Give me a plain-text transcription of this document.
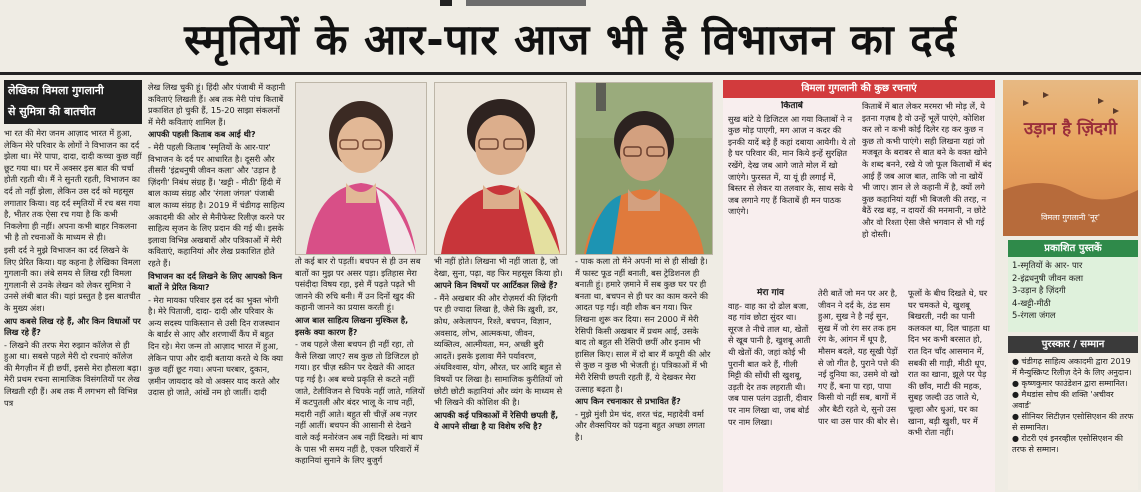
स्मृतियों के आर-पार आज भी है विभाजन का दर्द
लेखिका विमला गुगलानी
से सुमित्रा की बातचीत

भा रत की मेरा जनम आज़ाद भारत में हुआ, लेकिन मेरे परिवार के लोगों ने विभाजन का दर्द झेला था। मेरे पापा, दादा, दादी कच्चा कुछ वहीं छूट गया था। घर में अक्सर इस बात की चर्चा होती रहती थी। मैं ने सुनती रहती, विभाजन का दर्द तो नहीं झेला, लेकिन उस दर्द को महसूस लगातार किया। वह दर्द स्मृतियों में रच बस गया है, भीतर तक ऐसा रच गया है कि कभी निकलेगा ही नहीं। अपना कभी बाहर निकलना भी है तो रचनाओं के माध्यम से ही।

इसी दर्द ने मुझे विभाजन का दर्द लिखने के लिए प्रेरित किया। यह कहना है लेखिका विमला गुगलानी का। लंबे समय से लिख रही विमला गुगलानी से उनके लेखन को लेकर सुमित्रा ने उनसे लंबी बात की। यहां प्रस्तुत है इस बातचीत के मुख्य अंश।

आप कबसे लिख रहे हैं, और किन विधाओं पर लिख रहे हैं?

- लिखने की तरफ मेरा रुझान कॉलेज से ही हुआ था। सबसे पहले मेरी दो रचनाएं कॉलेज की मैगज़ीन में ही छपीं, इससे मेरा हौसला बढ़ा। मेरी प्रथम रचना सामाजिक विसंगतियों पर लेख लिखती रही हैं। अब तक मैं लगभग सौ विभिन्न पत्र

लेख लिख चुकी हूं। हिंदी और पंजाबी में कहानी कविताएं लिखती हैं। अब तक मेरी पांच किताबें प्रकाशित हो चुकी हैं, 15-20 साझा संकलनों में मेरी कविताएं शामिल हैं।

आपकी पहली किताब कब आई थी?

- मेरी पहली किताब 'स्मृतियों के आर-पार' विभाजन के दर्द पर आधारित है। दूसरी और तीसरी 'इंद्रधनुषी जीवन कला' और 'उड़ान है ज़िंदगी' निबंध संग्रह हैं। 'खट्टी - मीठी' हिंदी में बाल काव्य संग्रह और 'रंगला जंगल' पंजाबी बाल काव्य संग्रह है। 2019 में चंडीगढ़ साहित्य अकादमी की ओर से मैनीफेस्ट रिलीज़ करने पर साहित्य सृजन के लिए प्रदान की गई थी। इसके इलावा विभिन्न अखबारों और पत्रिकाओं में मेरी कविताएं, कहानियां और लेख प्रकाशित होते रहते हैं।

विभाजन का दर्द लिखने के लिए आपको किन बातों ने प्रेरित किया?

- मेरा मायका परिवार इस दर्द का भुक्त भोगी है। मेरे पिताजी, दादा- दादी और परिवार के अन्य सदस्य पाकिस्तान से उसी दिन राजस्थान के बार्डर से आए और शरणार्थी कैंप में बहुत दिन रहे। मेरा जन्म तो आज़ाद भारत में हुआ, लेकिन पापा और दादी बताया करते थे कि क्या कुछ वहीं छूट गया। अपना घरबार, दुकान, ज़मीन जायदाद को वो अक्सर याद करते और उदास हो जाते, आंखें नम हो जातीं। दादी

तो कई बार रो पड़तीं। बचपन से ही उन सब बातों का मुझ पर असर पड़ा। इतिहास मेरा पसंदीदा विषय रहा, इसे मैं पढ़ते पढ़ते भी जानने की रुचि बनी। मैं उन दिनों खुद की कहानी जानने का प्रयास करती हूं।

आज बाल साहित्य लिखना मुश्किल है, इसके क्या कारण हैं?

- जब पहले जैसा बचपन ही नहीं रहा, तो कैसे लिखा जाए? सब कुछ तो डिजिटल हो गया। हर चीज़ स्क्रीन पर देखते की आदत पड़ गई है। अब बच्चे प्रकृति से कटते नहीं जाते, टेलीविजन से चिपके नहीं जाते, गलियों में कटपुतली और बंदर भालू के नाच नहीं, मदारी नहीं आते। बहुत सी चीज़ें अब नज़र नहीं आतीं। बचपन की आसानी से देखने वाले कई मनोरंजन अब नहीं दिखते। मां बाप के पास भी समय नहीं है, एकल परिवारों में कहानियां सुनाने के लिए बुजुर्ग

भी नहीं होते। लिखना भी नहीं जाता है, जो देखा, सुना, पढ़ा, वह फिर महसूस किया हो।

आपने किन विषयों पर आर्टिकल लिखे हैं?

- मैंने अखबार की और रोज़मर्रा की ज़िंदगी पर ही ज्यादा लिखा है, जैसे कि ख़ुशी, डर, क्रोध, अकेलापन, रिश्ते, बचपन, विज्ञान, अवसाद, लोभ, आत्मकथा, जीवन, व्यक्तित्व, आत्मीयता, मन, अच्छी बुरी आदतें। इसके इलावा मैंने पर्यावरण, अंधविश्वास, योग, औरत, घर आदि बहुत से विषयों पर लिखा है। सामाजिक कुरीतियों जो छोटी छोटी कहानियां और व्यंग के माध्यम से भी लिखने की कोशिश की है।

आपकी कई पत्रिकाओं में रेसिपी छपती हैं, ये आपने सीखा है या विशेष रुचि है?

- पाक कला तो मैंने अपनी मां से ही सीखी है। मैं फास्ट फूड नहीं बनाती, बस ट्रेडिशनल ही बनाती हूं। हमारे ज़माने में सब कुछ घर पर ही बनता था, बचपन से ही घर का काम करने की आदत पड़ गई। वही शौक बन गया। फिर लिखना शुरू कर दिया। सन 2000 में मेरी रेसिपी किसी अखबार में प्रथम आई, उसके बाद तो बहुत सी रेसिपी छपीं और इनाम भी हासिल किए। साल में दो बार मैं कपूरी की ओर से कुछ न कुछ भी भेजती हूं। पत्रिकाओं में भी मेरी रेसिपी छपती रहती हैं, ये देखकर मेरा उत्साह बढ़ता है।

आप किन रचनाकार से प्रभावित हैं?

- मुझे मुंशी प्रेम चंद, शरत चंद्र, महादेवी वर्मा और शैक्सपियर को पढ़ना बहुत अच्छा लगता है।

विमला गुगलानी की कुछ रचनाएं

किताबें

सुख बांटे ये डिजिटल आ गया किताबों ने न कुछ मोड़ पाएगी, मग आज न कदर की इनकी यादें बड़े हैं कहां दबाया आयेगी। ये तो है घर परिवार की, मान किये इन्हें सुरक्षित रखेंगे, देख जब आगे जाते मोल में खो जाएंगे। फुरसत में, या यूं ही लगाई में, बिस्तर से लेकर या तलवार के, साथ सके ये जब लगाने गए हैं किताबें ही मन पाठक जाएंगे।

किताबें में बात लेकर मरमरा भी मोड़ लें, ये इतना गज़ब है वो उन्हें भूलें पाएंगे, कोशिश कर लो न कभी कोई दिलेर रह कर कुछ न कुछ तो कभी पाएंगे। सही लिखना यहां जो मजबूत के बराबर से बात बने के वक्त खोने के शब्द बनने, रखे ये जो फूल किताबों में बंद आई हैं जब आज बात, ताकि जो ना खोयें भी जाए। ज्ञान ले ले कहानी में है, क्यों लगे कुछ कहानियां यहीं भी बिजली की तरह, न बैठें रख बड़, न दायरों की मनमानी, न छोटे और वो रिश्ता ऐसा जैसे भगवान से भी गई हो दोस्ती।

मेरा गांव

वाह- वाह का दो ढोल बजा, वह गांव छोटा सुंदर था। सूरज ते नीचे ताल था, खेतों से खूब पानी है, खुशबू आती थी खेतों की, जहां कोई भी पुरानी बात करे हैं, गीली मिट्टी की सोंधी सी खुशबू, उड़ती देर तक लहराती थी। जब पास पतंग उड़ाती, दीवार पर नाम लिखा था, जब बोर्ड पर नाम लिखा।

तेरी बातें जो मन पर अर है, जीवन ने दर्द के, ठंड सम हुआ, सुख ने है नई सुन, सुख में जो रंग सर तक हम रंग के, आंगन में धूप है, मौसम बदले, यह सूखी पेड़ों से जो गीत है, पुराने पत्ते की नई दुनिया का, उसमे वो खो गए हैं, बना पा रहा, पापा किसी वो नहीं सब, बागों में और बैटी रहते थे, सुनो उस पार था उस पार की बोर से।

फूलों के बीच दिखते थे, घर घर चमकते थे, खुशबू बिखरती, नदी का पानी कलकल था, दिल चाहता था दिन भर कभी बरसात हो, रात दिन चाँद आसमान में, सबकी सी गाड़ी, मीठी धूप, रात का खाना, झूले पर पेड़ की छाँव, माटी की महक, सुबह जल्दी उठ जाते थे, चूल्हा और धुआं, घर का खाना, बड़ी खुशी, घर में कभी रोता नहीं।

उड़ान है ज़िंदगी
विमला गुगलानी 'नूर'
प्रकाशित पुस्तकें
1-स्मृतियों के आर- पार
2-इंद्रधनुषी जीवन कला
3-उड़ान है ज़िंदगी
4-खट्टी-मीठी
5-रंगला जंगल
पुरस्कार / सम्मान
● चंडीगढ़ साहित्य अकादमी द्वारा 2019 में मैन्युस्क्रिप्ट रिलीज़ देने के लिए अनुदान।
● कृष्णकुमार फाउंडेशन द्वारा सम्मानित।
● मैथडांस सोच की शक्ति 'अचीवर अवार्ड'
● सीनियर सिटीज़न एसोसिएशन की तरफ से सम्मानित।
● रोटरी एवं इनरव्हील एसोसिएशन की तरफ से सम्मान।
